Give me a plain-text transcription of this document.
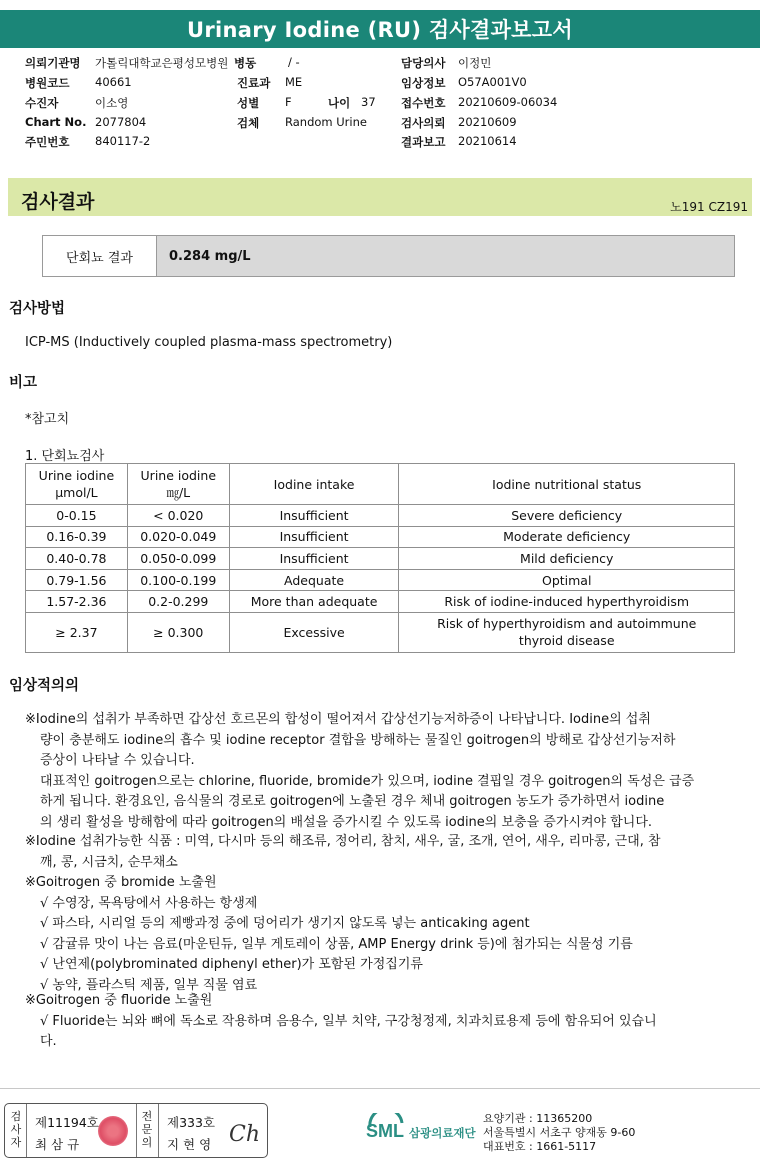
Urinary Iodine (RU) 검사결과보고서
의뢰기관명 가톨릭대학교은평성모병원 병동	/ -	담당의사 이정민
병원코드 40661	진료과 ME	임상정보 O57A001V0
수진자	이소영	성별 F	나이 37 접수번호 20210609-06034
Chart No. 2077804	검체 Random Urine	검사의뢰 20210609
주민번호 840117-2	결과보고 20210614
검사결과	노191 CZ191
단회뇨 결과	0.284 mg/L
검사방법
ICP-MS (Inductively coupled plasma-mass spectrometry)
비고
*참고치
1. 단회뇨검사
Urine iodine μmol/L	Urine iodine ㎎/L	Iodine intake	Iodine nutritional status
0-0.15	< 0.020	Insufficient	Severe deficiency
0.16-0.39	0.020-0.049	Insufficient	Moderate deficiency
0.40-0.78	0.050-0.099	Insufficient	Mild deficiency
0.79-1.56	0.100-0.199	Adequate	Optimal
1.57-2.36	0.2-0.299	More than adequate	Risk of iodine-induced hyperthyroidism
≥ 2.37	≥ 0.300	Excessive	Risk of hyperthyroidism and autoimmune thyroid disease
임상적의의
※Iodine의 섭취가 부족하면 갑상선 호르몬의 합성이 떨어져서 갑상선기능저하증이 나타납니다. Iodine의 섭취
량이 충분해도 iodine의 흡수 및 iodine receptor 결합을 방해하는 물질인 goitrogen의 방해로 갑상선기능저하
증상이 나타날 수 있습니다.
대표적인 goitrogen으로는 chlorine, fluoride, bromide가 있으며, iodine 결핍일 경우 goitrogen의 독성은 급증
하게 됩니다. 환경요인, 음식물의 경로로 goitrogen에 노출된 경우 체내 goitrogen 농도가 증가하면서 iodine
의 생리 활성을 방해함에 따라 goitrogen의 배설을 증가시킬 수 있도록 iodine의 보충을 증가시켜야 합니다.
※Iodine 섭취가능한 식품 : 미역, 다시마 등의 해조류, 정어리, 참치, 새우, 굴, 조개, 연어, 새우, 리마콩, 근대, 참
깨, 콩, 시금치, 순무채소
※Goitrogen 중 bromide 노출원
√ 수영장, 목욕탕에서 사용하는 항생제
√ 파스타, 시리얼 등의 제빵과정 중에 덩어리가 생기지 않도록 넣는 anticaking agent
√ 감귤류 맛이 나는 음료(마운틴듀, 일부 게토레이 상품, AMP Energy drink 등)에 첨가되는 식물성 기름
√ 난연제(polybrominated diphenyl ether)가 포함된 가정집기류
√ 농약, 플라스틱 제품, 일부 직물 염료
※Goitrogen 중 fluoride 노출원
√ Fluoride는 뇌와 뼈에 독소로 작용하며 음용수, 일부 치약, 구강청정제, 치과치료용제 등에 함유되어 있습니
다.
검사자
제11194호
최 삼 규
전문의
제333호
지 현 영 Ch	SML 삼광의료재단
요양기관 : 11365200
서울특별시 서초구 양재동 9-60
대표번호 : 1661-5117
